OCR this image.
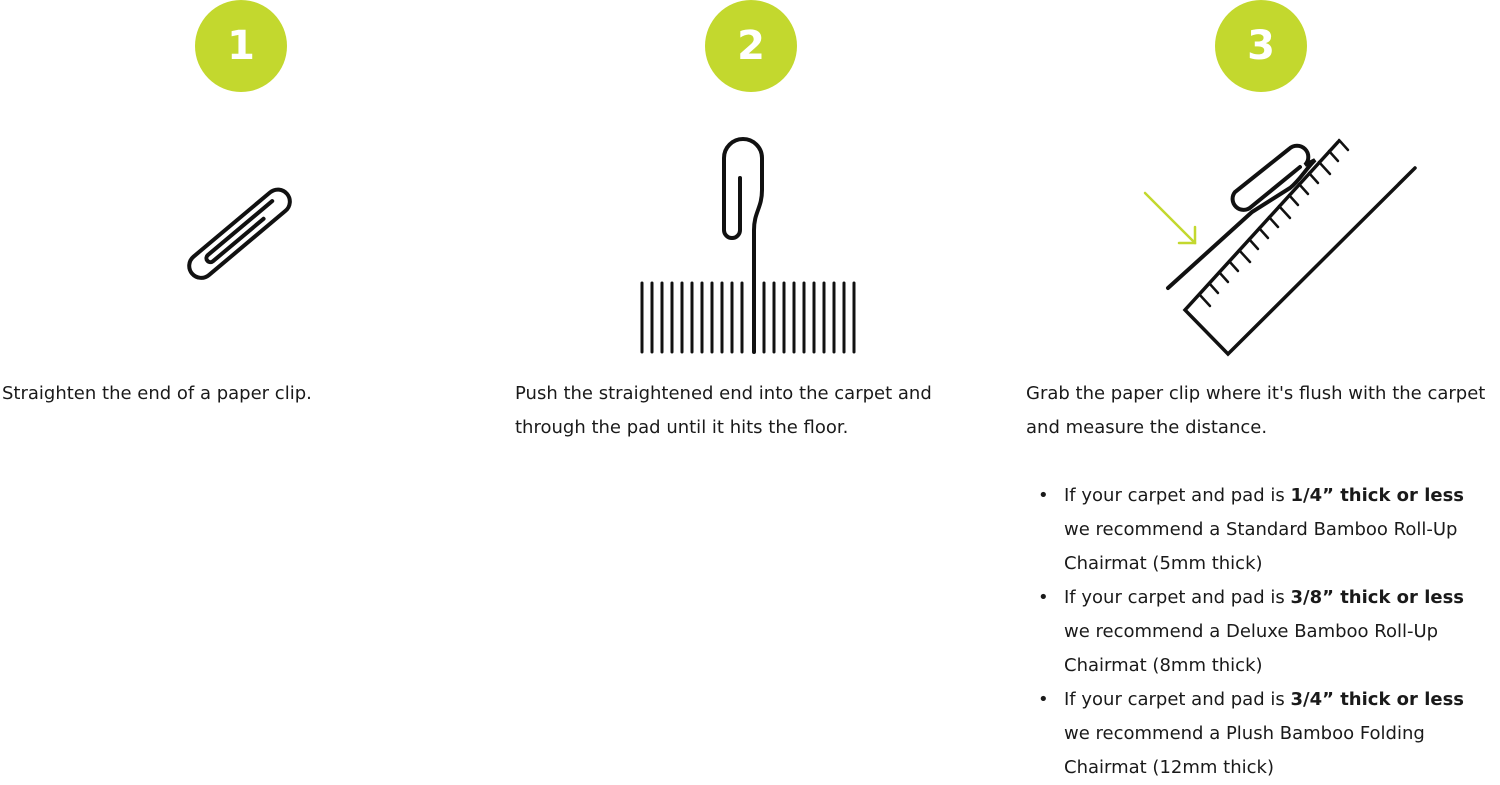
1	2	3

Straighten the end of a paper clip.	Push the straightened end into the carpet and
through the pad until it hits the floor.

Grab the paper clip where it's flush with the carpet
and measure the distance.

• If your carpet and pad is 1/4” thick or less
we recommend a Standard Bamboo Roll-Up
Chairmat (5mm thick)
• If your carpet and pad is 3/8” thick or less
we recommend a Deluxe Bamboo Roll-Up
Chairmat (8mm thick)
• If your carpet and pad is 3/4” thick or less
we recommend a Plush Bamboo Folding
Chairmat (12mm thick)
